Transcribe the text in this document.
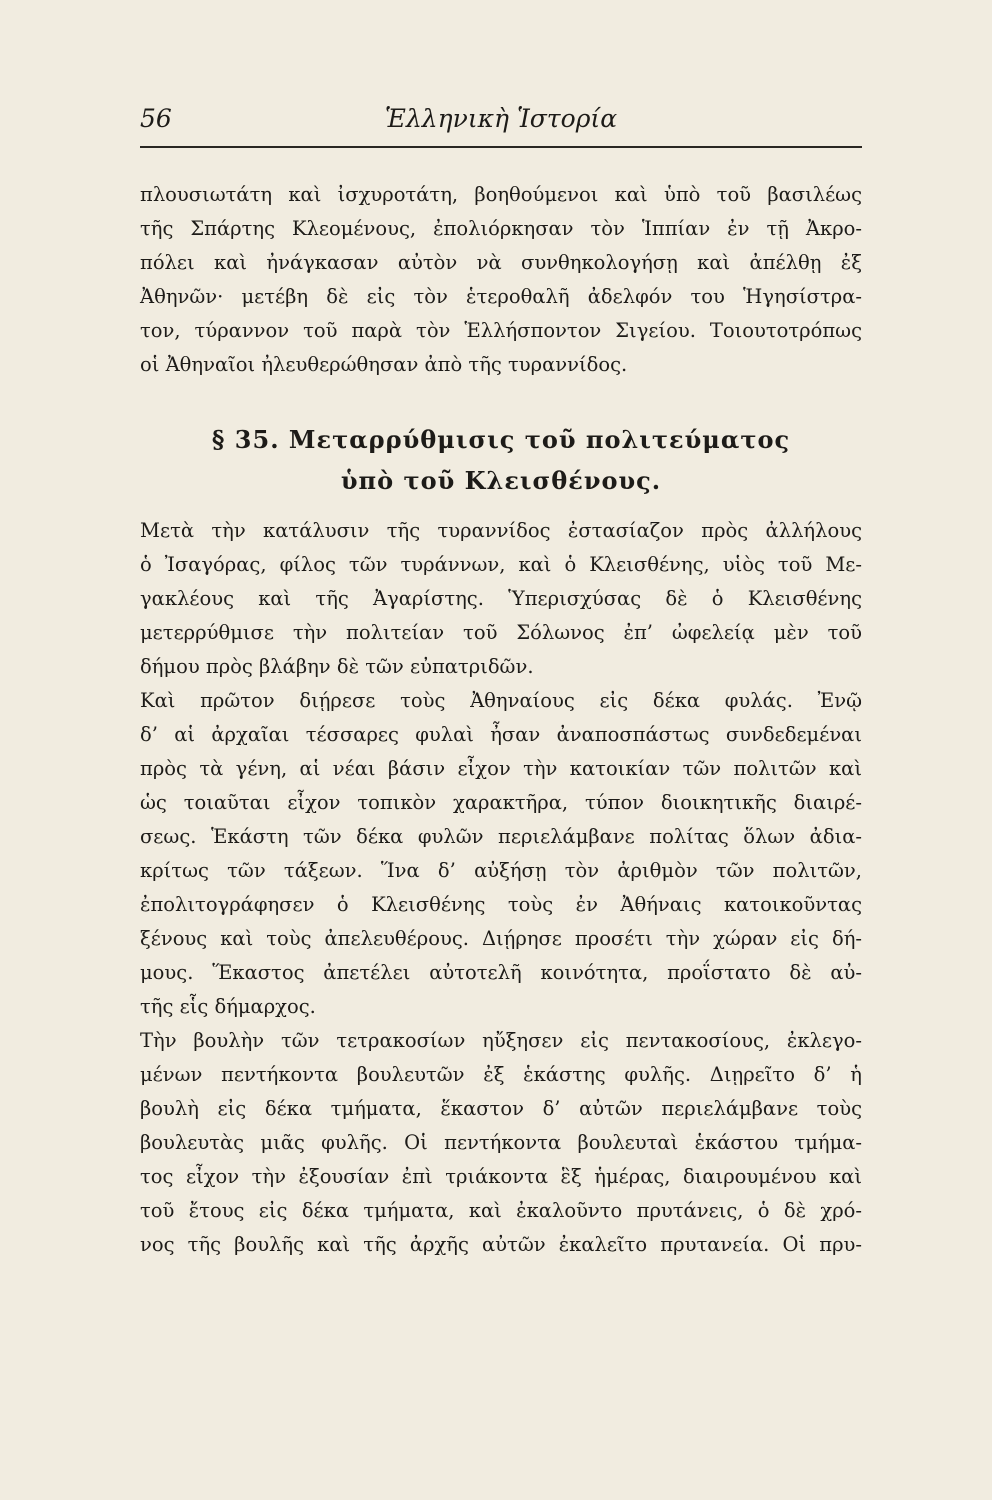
56	Ἑλληνικὴ Ἱστορία
πλουσιωτάτη καὶ ἰσχυροτάτη, βοηθούμενοι καὶ ὑπὸ τοῦ βασιλέως
τῆς Σπάρτης Κλεομένους, ἐπολιόρκησαν τὸν Ἱππίαν ἐν τῇ Ἀκρο-
πόλει καὶ ἠνάγκασαν αὐτὸν νὰ συνθηκολογήσῃ καὶ ἀπέλθῃ ἐξ
Ἀθηνῶν· μετέβη δὲ εἰς τὸν ἑτεροθαλῆ ἀδελφόν του Ἡγησίστρα-
τον, τύραννον τοῦ παρὰ τὸν Ἑλλήσποντον Σιγείου. Τοιουτοτρόπως
οἱ Ἀθηναῖοι ἠλευθερώθησαν ἀπὸ τῆς τυραννίδος.
§ 35. Μεταρρύθμισις τοῦ πολιτεύματος
ὑπὸ τοῦ Κλεισθένους.
Μετὰ τὴν κατάλυσιν τῆς τυραννίδος ἐστασίαζον πρὸς ἀλλήλους
ὁ Ἰσαγόρας, φίλος τῶν τυράννων, καὶ ὁ Κλεισθένης, υἱὸς τοῦ Με-
γακλέους καὶ τῆς Ἀγαρίστης. Ὑπερισχύσας δὲ ὁ Κλεισθένης
μετερρύθμισε τὴν πολιτείαν τοῦ Σόλωνος ἐπ’ ὠφελείᾳ μὲν τοῦ
δήμου πρὸς βλάβην δὲ τῶν εὐπατριδῶν.
Καὶ πρῶτον διῄρεσε τοὺς Ἀθηναίους εἰς δέκα φυλάς. Ἐνῷ
δ’ αἱ ἀρχαῖαι τέσσαρες φυλαὶ ἦσαν ἀναποσπάστως συνδεδεμέναι
πρὸς τὰ γένη, αἱ νέαι βάσιν εἶχον τὴν κατοικίαν τῶν πολιτῶν καὶ
ὡς τοιαῦται εἶχον τοπικὸν χαρακτῆρα, τύπον διοικητικῆς διαιρέ-
σεως. Ἑκάστη τῶν δέκα φυλῶν περιελάμβανε πολίτας ὅλων ἀδια-
κρίτως τῶν τάξεων. Ἵνα δ’ αὐξήσῃ τὸν ἀριθμὸν τῶν πολιτῶν,
ἐπολιτογράφησεν ὁ Κλεισθένης τοὺς ἐν Ἀθήναις κατοικοῦντας
ξένους καὶ τοὺς ἀπελευθέρους. Διῄρησε προσέτι τὴν χώραν εἰς δή-
μους. Ἕκαστος ἀπετέλει αὐτοτελῆ κοινότητα, προΐστατο δὲ αὐ-
τῆς εἷς δήμαρχος.
Τὴν βουλὴν τῶν τετρακοσίων ηὔξησεν εἰς πεντακοσίους, ἐκλεγο-
μένων πεντήκοντα βουλευτῶν ἐξ ἑκάστης φυλῆς. Διῃρεῖτο δ’ ἡ
βουλὴ εἰς δέκα τμήματα, ἕκαστον δ’ αὐτῶν περιελάμβανε τοὺς
βουλευτὰς μιᾶς φυλῆς. Οἱ πεντήκοντα βουλευταὶ ἑκάστου τμήμα-
τος εἶχον τὴν ἐξουσίαν ἐπὶ τριάκοντα ἓξ ἡμέρας, διαιρουμένου καὶ
τοῦ ἔτους εἰς δέκα τμήματα, καὶ ἐκαλοῦντο πρυτάνεις, ὁ δὲ χρό-
νος τῆς βουλῆς καὶ τῆς ἀρχῆς αὐτῶν ἐκαλεῖτο πρυτανεία. Οἱ πρυ-
